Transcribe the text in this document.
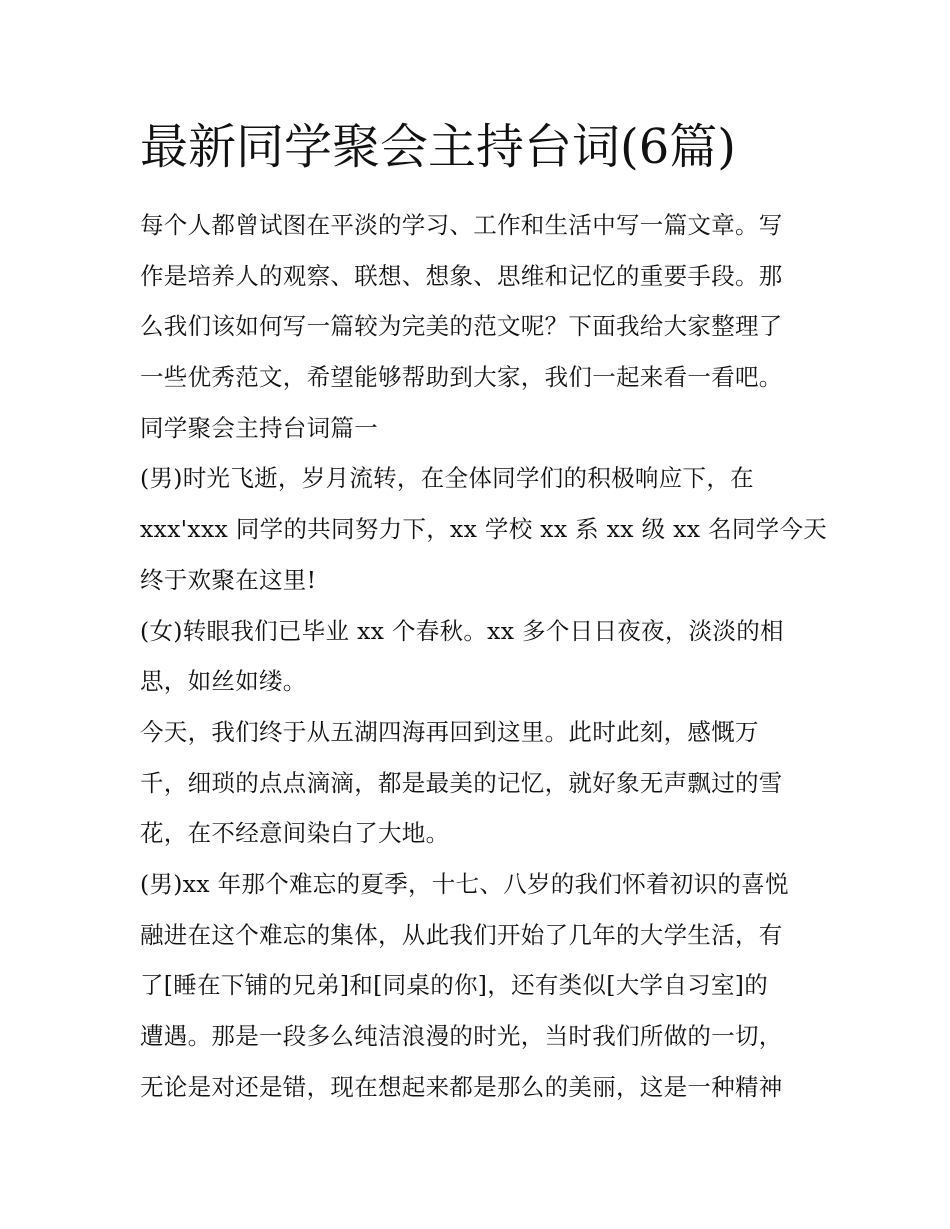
最新同学聚会主持台词(6篇)
每个人都曾试图在平淡的学习、工作和生活中写一篇文章。写
作是培养人的观察、联想、想象、思维和记忆的重要手段。那
么我们该如何写一篇较为完美的范文呢？下面我给大家整理了
一些优秀范文，希望能够帮助到大家，我们一起来看一看吧。
同学聚会主持台词篇一
(男)时光飞逝，岁月流转，在全体同学们的积极响应下，在
xxx'xxx 同学的共同努力下，xx 学校 xx 系 xx 级 xx 名同学今天
终于欢聚在这里!
(女)转眼我们已毕业 xx 个春秋。xx 多个日日夜夜，淡淡的相
思，如丝如缕。
今天，我们终于从五湖四海再回到这里。此时此刻，感慨万
千，细琐的点点滴滴，都是最美的记忆，就好象无声飘过的雪
花，在不经意间染白了大地。
(男)xx 年那个难忘的夏季，十七、八岁的我们怀着初识的喜悦
融进在这个难忘的集体，从此我们开始了几年的大学生活，有
了[睡在下铺的兄弟]和[同桌的你]，还有类似[大学自习室]的
遭遇。那是一段多么纯洁浪漫的时光，当时我们所做的一切，
无论是对还是错，现在想起来都是那么的美丽，这是一种精神
